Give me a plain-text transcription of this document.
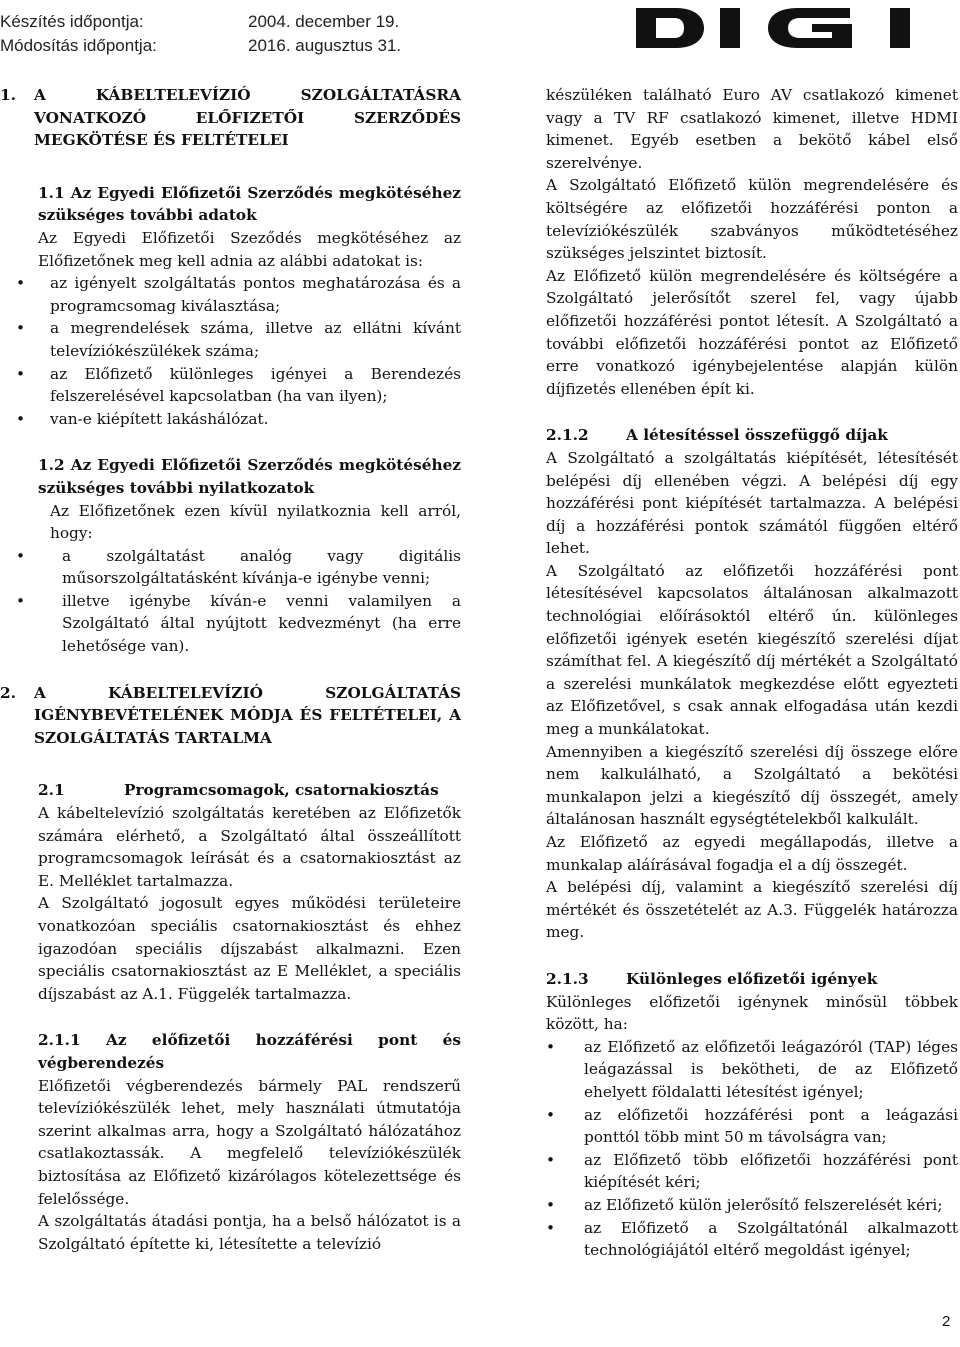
Készítés időpontja:	2004. december 19.
Módosítás időpontja:	2016. augusztus 31.
1.	A KÁBELTELEVÍZIÓ SZOLGÁLTATÁSRA VONATKOZÓ ELŐFIZETŐI SZERZŐDÉS MEGKÖTÉSE ÉS FELTÉTELEI

1.1 Az Egyedi Előfizetői Szerződés megkötéséhez szükséges további adatok

Az Egyedi Előfizetői Szeződés megkötéséhez az Előfizetőnek meg kell adnia az alábbi adatokat is:

• az igényelt szolgáltatás pontos meghatározása és a programcsomag kiválasztása;
• a megrendelések száma, illetve az ellátni kívánt televíziókészülékek száma;
• az Előfizető különleges igényei a Berendezés felszerelésével kapcsolatban (ha van ilyen);
• van-e kiépített lakáshálózat.

1.2 Az Egyedi Előfizetői Szerződés megkötéséhez szükséges további nyilatkozatok

Az Előfizetőnek ezen kívül nyilatkoznia kell arról, hogy:

• a szolgáltatást analóg vagy digitális műsorszolgáltatásként kívánja-e igénybe venni;
• illetve igénybe kíván-e venni valamilyen a Szolgáltató által nyújtott kedvezményt (ha erre lehetősége van).
2.	A KÁBELTELEVÍZIÓ SZOLGÁLTATÁS IGÉNYBEVÉTELÉNEK MÓDJA ÉS FELTÉTELEI, A SZOLGÁLTATÁS TARTALMA
2.1	Programcsomagok, csatornakiosztás

A kábeltelevízió szolgáltatás keretében az Előfizetők számára elérhető, a Szolgáltató által összeállított programcsomagok leírását és a csatornakiosztást az E. Melléklet tartalmazza.

A Szolgáltató jogosult egyes működési területeire vonatkozóan speciális csatornakiosztást és ehhez igazodóan speciális díjszabást alkalmazni. Ezen speciális csatornakiosztást az E Melléklet, a speciális díjszabást az A.1. Függelék tartalmazza.

2.1.1 Az előfizetői hozzáférési pont és végberendezés

Előfizetői végberendezés bármely PAL rendszerű televíziókészülék lehet, mely használati útmutatója szerint alkalmas arra, hogy a Szolgáltató hálózatához csatlakoztassák. A megfelelő televíziókészülék biztosítása az Előfizető kizárólagos kötelezettsége és felelőssége.

A szolgáltatás átadási pontja, ha a belső hálózatot is a Szolgáltató építette ki, létesítette a televízió

készüléken található Euro AV csatlakozó kimenet vagy a TV RF csatlakozó kimenet, illetve HDMI kimenet. Egyéb esetben a bekötő kábel első szerelvénye.

A Szolgáltató Előfizető külön megrendelésére és költségére az előfizetői hozzáférési ponton a televíziókészülék szabványos működtetéséhez szükséges jelszintet biztosít.

Az Előfizető külön megrendelésére és költségére a Szolgáltató jelerősítőt szerel fel, vagy újabb előfizetői hozzáférési pontot létesít. A Szolgáltató a további előfizetői hozzáférési pontot az Előfizető erre vonatkozó igénybejelentése alapján külön díjfizetés ellenében épít ki.

2.1.2	A létesítéssel összefüggő díjak

A Szolgáltató a szolgáltatás kiépítését, létesítését belépési díj ellenében végzi. A belépési díj egy hozzáférési pont kiépítését tartalmazza. A belépési díj a hozzáférési pontok számától függően eltérő lehet.

A Szolgáltató az előfizetői hozzáférési pont létesítésével kapcsolatos általánosan alkalmazott technológiai előírásoktól eltérő ún. különleges előfizetői igények esetén kiegészítő szerelési díjat számíthat fel. A kiegészítő díj mértékét a Szolgáltató a szerelési munkálatok megkezdése előtt egyezteti az Előfizetővel, s csak annak elfogadása után kezdi meg a munkálatokat.

Amennyiben a kiegészítő szerelési díj összege előre nem kalkulálható, a Szolgáltató a bekötési munkalapon jelzi a kiegészítő díj összegét, amely általánosan használt egységtételekből kalkulált.

Az Előfizető az egyedi megállapodás, illetve a munkalap aláírásával fogadja el a díj összegét.

A belépési díj, valamint a kiegészítő szerelési díj mértékét és összetételét az A.3. Függelék határozza meg.

2.1.3	Különleges előfizetői igények

Különleges előfizetői igénynek minősül többek között, ha:

• az Előfizető az előfizetői leágazóról (TAP) léges leágazással is bekötheti, de az Előfizető ehelyett földalatti létesítést igényel;
• az előfizetői hozzáférési pont a leágazási ponttól több mint 50 m távolságra van;
• az Előfizető több előfizetői hozzáférési pont kiépítését kéri;
• az Előfizető külön jelerősítő felszerelését kéri;
• az Előfizető a Szolgáltatónál alkalmazott technológiájától eltérő megoldást igényel;
2
